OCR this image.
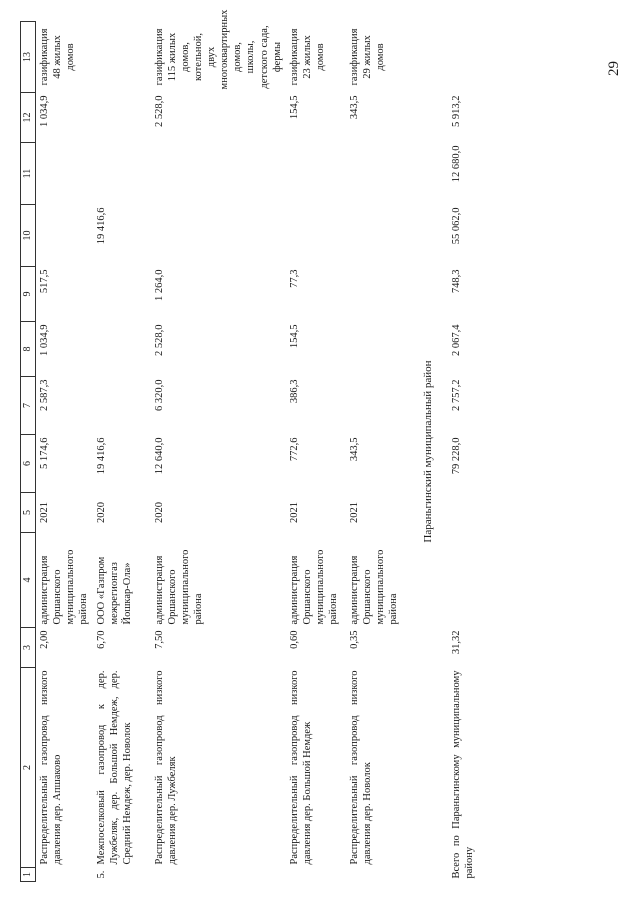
29
1	2	3	4	5	6	7	8	9	10	11	12	13
	Распределительный газопровод низкого давления дер. Апшаково	2,00	администрация Оршанского муниципального района	2021	5 174,6	2 587,3	1 034,9	517,5			1 034,9	газификация 48 жилых домов
5.	Межпоселковый газопровод к дер. Лужбеляк, дер. Большой Немдеж, дер. Средний Немдеж, дер. Новолок	6,70	ООО «Газпром межрегионгаз Йошкар-Ола»	2020	19 416,6				19 416,6			
	Распределительный газопровод низкого давления дер. Лужбеляк	7,50	администрация Оршанского муниципального района	2020	12 640,0	6 320,0	2 528,0	1 264,0			2 528,0	газификация 115 жилых домов, котельной, двух многоквартирных домов, школы, детского сада, фермы
	Распределительный газопровод низкого давления дер. Большой Немдеж	0,60	администрация Оршанского муниципального района	2021	772,6	386,3	154,5	77,3			154,5	газификация 23 жилых домов
	Распределительный газопровод низкого давления дер. Новолок	0,35	администрация Оршанского муниципального района	2021	343,5						343,5	газификация 29 жилых домов
Параньгинский муниципальный район												
Всего по Параньгинскому муниципальному району		31,32			79 228,0	2 757,2	2 067,4	748,3	55 062,0	12 680,0	5 913,2	
